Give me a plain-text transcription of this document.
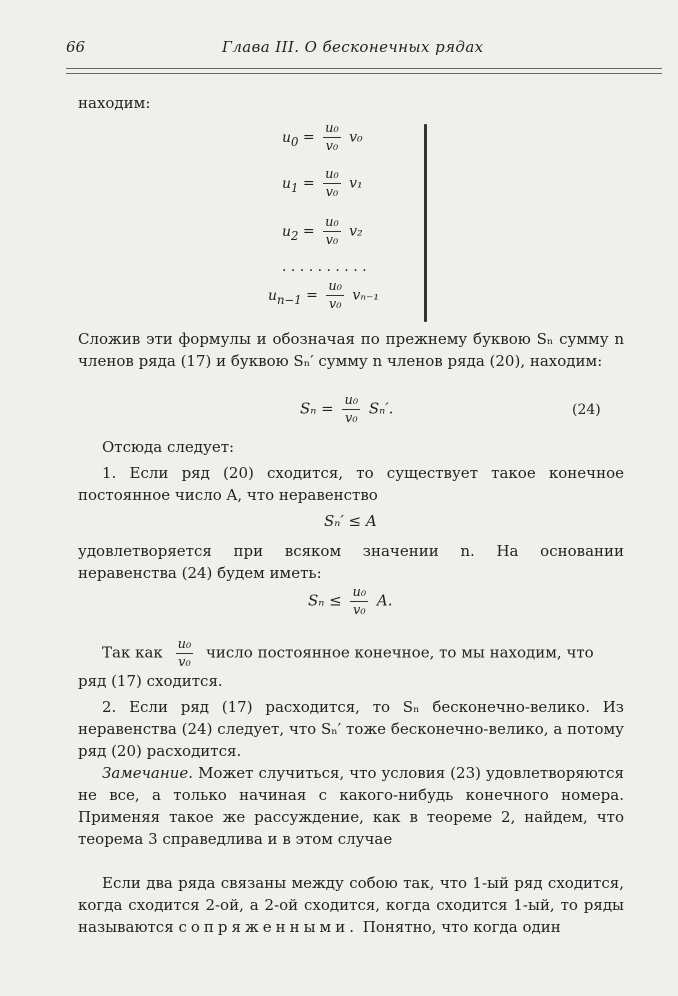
66	Глава III. О бесконечных рядах
находим:
$u_0 = \frac{\text{u₀}}{\text{v₀}} v_0$
$u_1 = \frac{\text{u₀}}{\text{v₀}} v_1$
$u_2 = \frac{\text{u₀}}{\text{v₀}} v_2$
. . . . . . . . . .
$u_{n-1} = \frac{\text{u₀}}{\text{v₀}} v_{n-1}$
Сложив эти формулы и обозначая по прежнему буквою Sₙ сумму n членов ряда (17) и буквою Sₙ′ сумму n членов ряда (20), находим:
$S_n = \frac{\text{u₀}}{\text{v₀}} S_n'$.	(24)
Отсюда следует:
1. Если ряд (20) сходится, то существует такое конечное постоянное число A, что неравенство
Sₙ′ ≤ A
удовлетворяется при всяком значении n. На основании неравенства (24) будем иметь:
$S_n \le \frac{\text{u₀}}{\text{v₀}} A$.
Так как $\frac{\text{u₀}}{\text{v₀}}$ число постоянное конечное, то мы находим, что
ряд (17) сходится.
2. Если ряд (17) расходится, то Sₙ бесконечно-велико. Из неравенства (24) следует, что Sₙ′ тоже бесконечно-велико, а потому ряд (20) расходится.
Замечание. Может случиться, что условия (23) удовлетворяются не все, а только начиная с какого-нибудь конечного номера. Применяя такое же рассуждение, как в теореме 2, найдем, что теорема 3 справедлива и в этом случае
Если два ряда связаны между собою так, что 1-ый ряд сходится, когда сходится 2-ой, а 2-ой сходится, когда сходится 1-ый, то ряды называются сопряженными. Понятно, что когда один
